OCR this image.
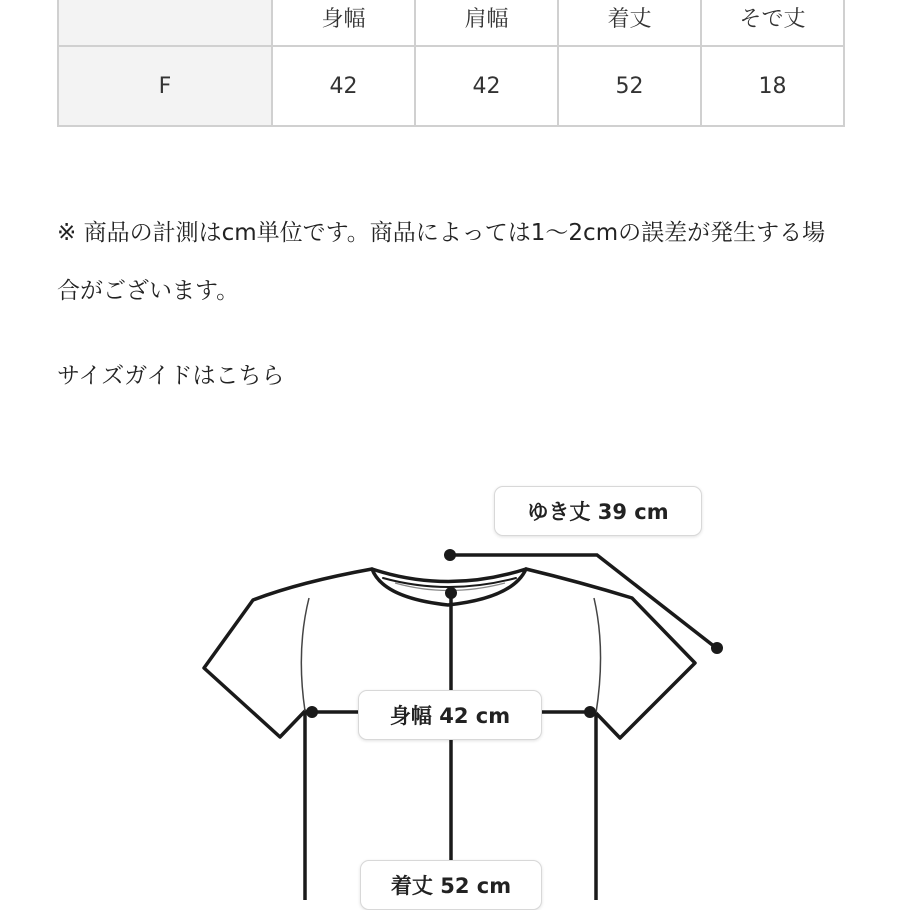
	身幅	肩幅	着丈	そで丈
F	42	42	52	18
※ 商品の計測はcm単位です。商品によっては1〜2cmの誤差が発生する場合がございます。
サイズガイドはこちら
ゆき丈 39 cm
身幅 42 cm
着丈 52 cm
